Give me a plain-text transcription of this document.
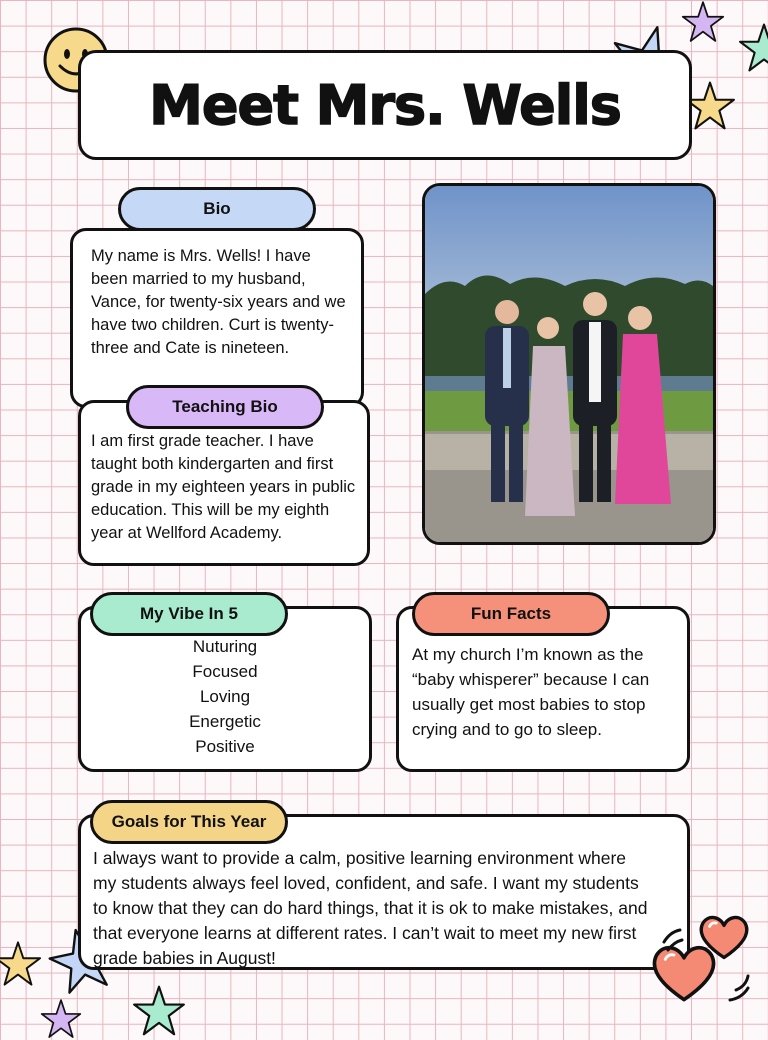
Meet Mrs. Wells
Bio

My name is Mrs. Wells! I have been married to my husband, Vance, for twenty-six years and we have two children. Curt is twenty-three and Cate is nineteen.

Teaching Bio

I am first grade teacher. I have taught both kindergarten and first grade in my eighteen years in public education. This will be my eighth year at Wellford Academy.

My Vibe In 5
Nuturing
Focused
Loving
Energetic
Positive
Fun Facts

At my church I’m known as the “baby whisperer” because I can usually get most babies to stop crying and to go to sleep.

Goals for This Year

I always want to provide a calm, positive learning environment where my students always feel loved, confident, and safe. I want my students to know that they can do hard things, that it is ok to make mistakes, and that everyone learns at different rates. I can’t wait to meet my new first grade babies in August!
